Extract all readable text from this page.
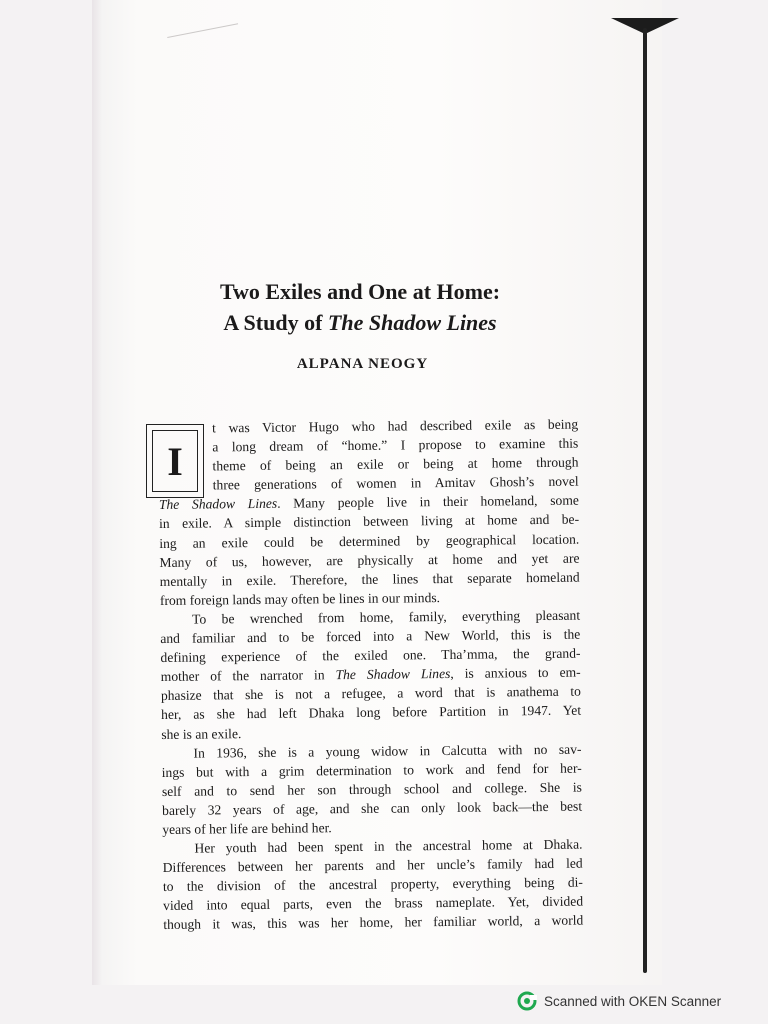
Two Exiles and One at Home:

A Study of The Shadow Lines

ALPANA NEOGY
I
t was Victor Hugo who had described exile as being
a long dream of “home.” I propose to examine this
theme of being an exile or being at home through
three generations of women in Amitav Ghosh’s novel
The Shadow Lines. Many people live in their homeland, some
in exile. A simple distinction between living at home and be-
ing an exile could be determined by geographical location.
Many of us, however, are physically at home and yet are
mentally in exile. Therefore, the lines that separate homeland
from foreign lands may often be lines in our minds.
To be wrenched from home, family, everything pleasant
and familiar and to be forced into a New World, this is the
defining experience of the exiled one. Tha’mma, the grand-
mother of the narrator in The Shadow Lines, is anxious to em-
phasize that she is not a refugee, a word that is anathema to
her, as she had left Dhaka long before Partition in 1947. Yet
she is an exile.
In 1936, she is a young widow in Calcutta with no sav-
ings but with a grim determination to work and fend for her-
self and to send her son through school and college. She is
barely 32 years of age, and she can only look back—the best
years of her life are behind her.
Her youth had been spent in the ancestral home at Dhaka.
Differences between her parents and her uncle’s family had led
to the division of the ancestral property, everything being di-
vided into equal parts, even the brass nameplate. Yet, divided
though it was, this was her home, her familiar world, a world
Scanned with OKEN Scanner
